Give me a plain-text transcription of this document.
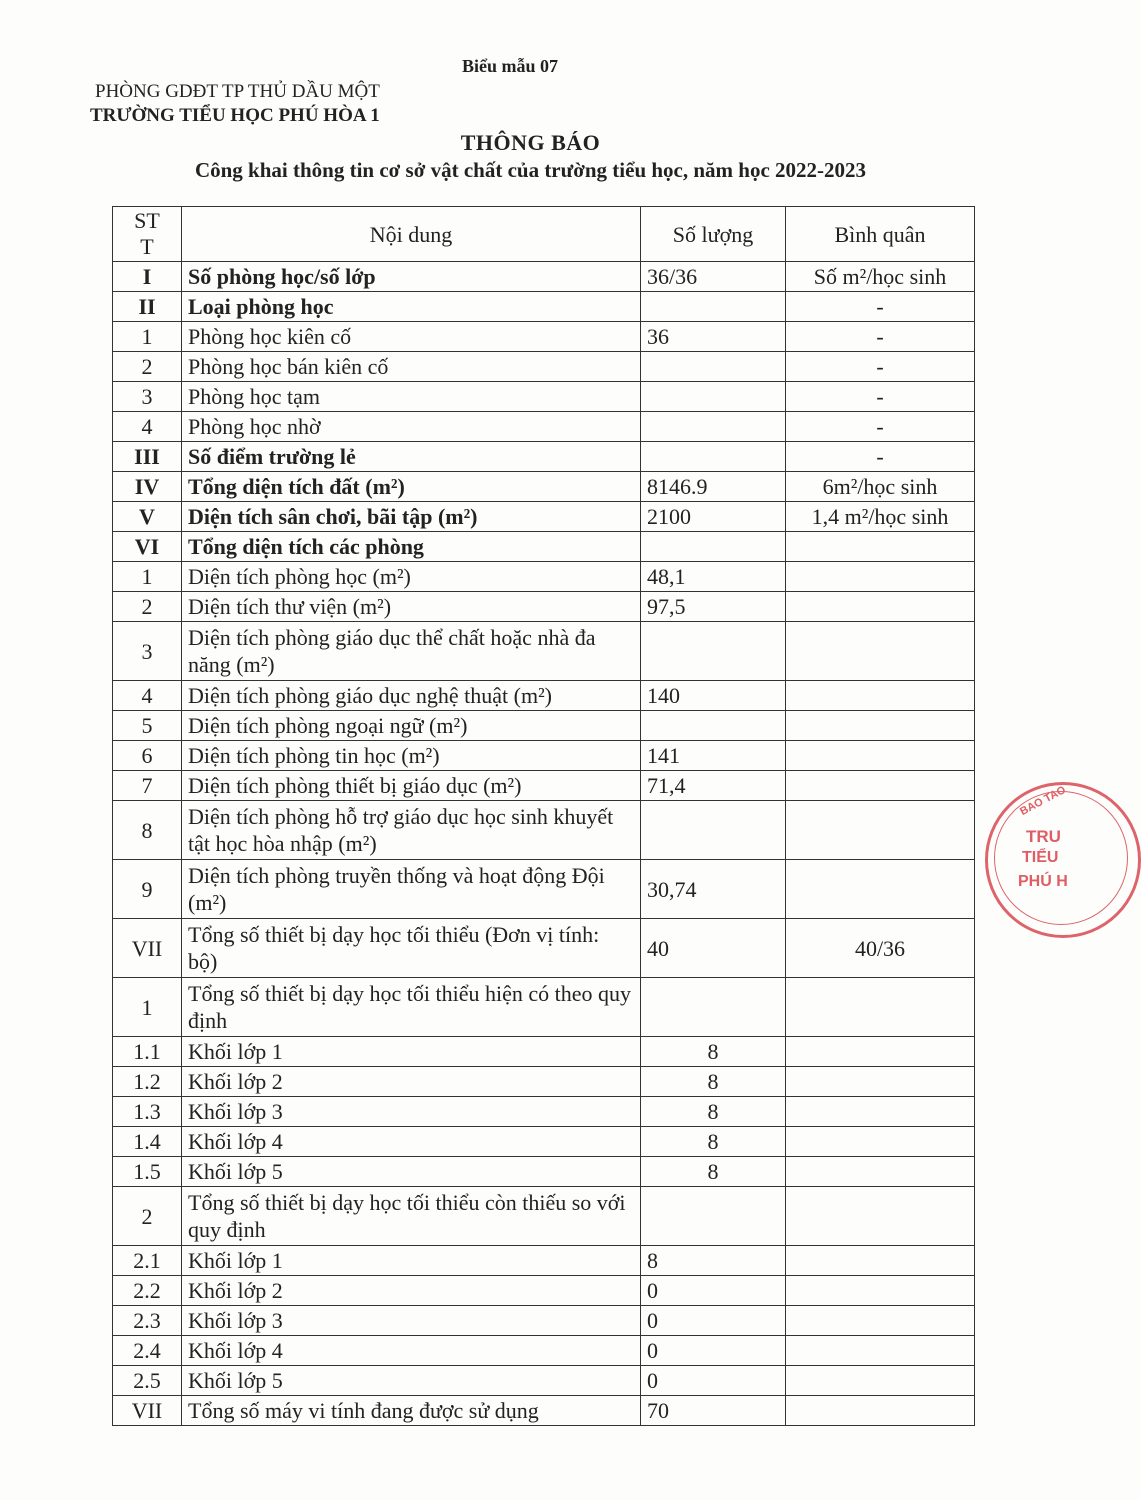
Biểu mẫu 07
PHÒNG GDĐT TP THỦ DẦU MỘT
TRƯỜNG TIỂU HỌC PHÚ HÒA 1
THÔNG BÁO
Công khai thông tin cơ sở vật chất của trường tiểu học, năm học 2022-2023
ST
T	Nội dung	Số lượng	Bình quân
I	Số phòng học/số lớp	36/36	Số m²/học sinh
II	Loại phòng học		-
1	Phòng học kiên cố	36	-
2	Phòng học bán kiên cố		-
3	Phòng học tạm		-
4	Phòng học nhờ		-
III	Số điểm trường lẻ		-
IV	Tổng diện tích đất (m²)	8146.9	6m²/học sinh
V	Diện tích sân chơi, bãi tập (m²)	2100	1,4 m²/học sinh
VI	Tổng diện tích các phòng		
1	Diện tích phòng học (m²)	48,1	
2	Diện tích thư viện (m²)	97,5	
3	Diện tích phòng giáo dục thể chất hoặc nhà đa năng (m²)		
4	Diện tích phòng giáo dục nghệ thuật (m²)	140	
5	Diện tích phòng ngoại ngữ (m²)		
6	Diện tích phòng tin học (m²)	141	
7	Diện tích phòng thiết bị giáo dục (m²)	71,4	
8	Diện tích phòng hỗ trợ giáo dục học sinh khuyết tật học hòa nhập (m²)		
9	Diện tích phòng truyền thống và hoạt động Đội (m²)	30,74	
VII	Tổng số thiết bị dạy học tối thiểu (Đơn vị tính: bộ)	40	40/36
1	Tổng số thiết bị dạy học tối thiểu hiện có theo quy định		
1.1	Khối lớp 1	8	
1.2	Khối lớp 2	8	
1.3	Khối lớp 3	8	
1.4	Khối lớp 4	8	
1.5	Khối lớp 5	8	
2	Tổng số thiết bị dạy học tối thiểu còn thiếu so với quy định		
2.1	Khối lớp 1	8	
2.2	Khối lớp 2	0	
2.3	Khối lớp 3	0	
2.4	Khối lớp 4	0	
2.5	Khối lớp 5	0	
VII	Tổng số máy vi tính đang được sử dụng	70	
BAO TAO
TRU
TIỂU
PHÚ H
